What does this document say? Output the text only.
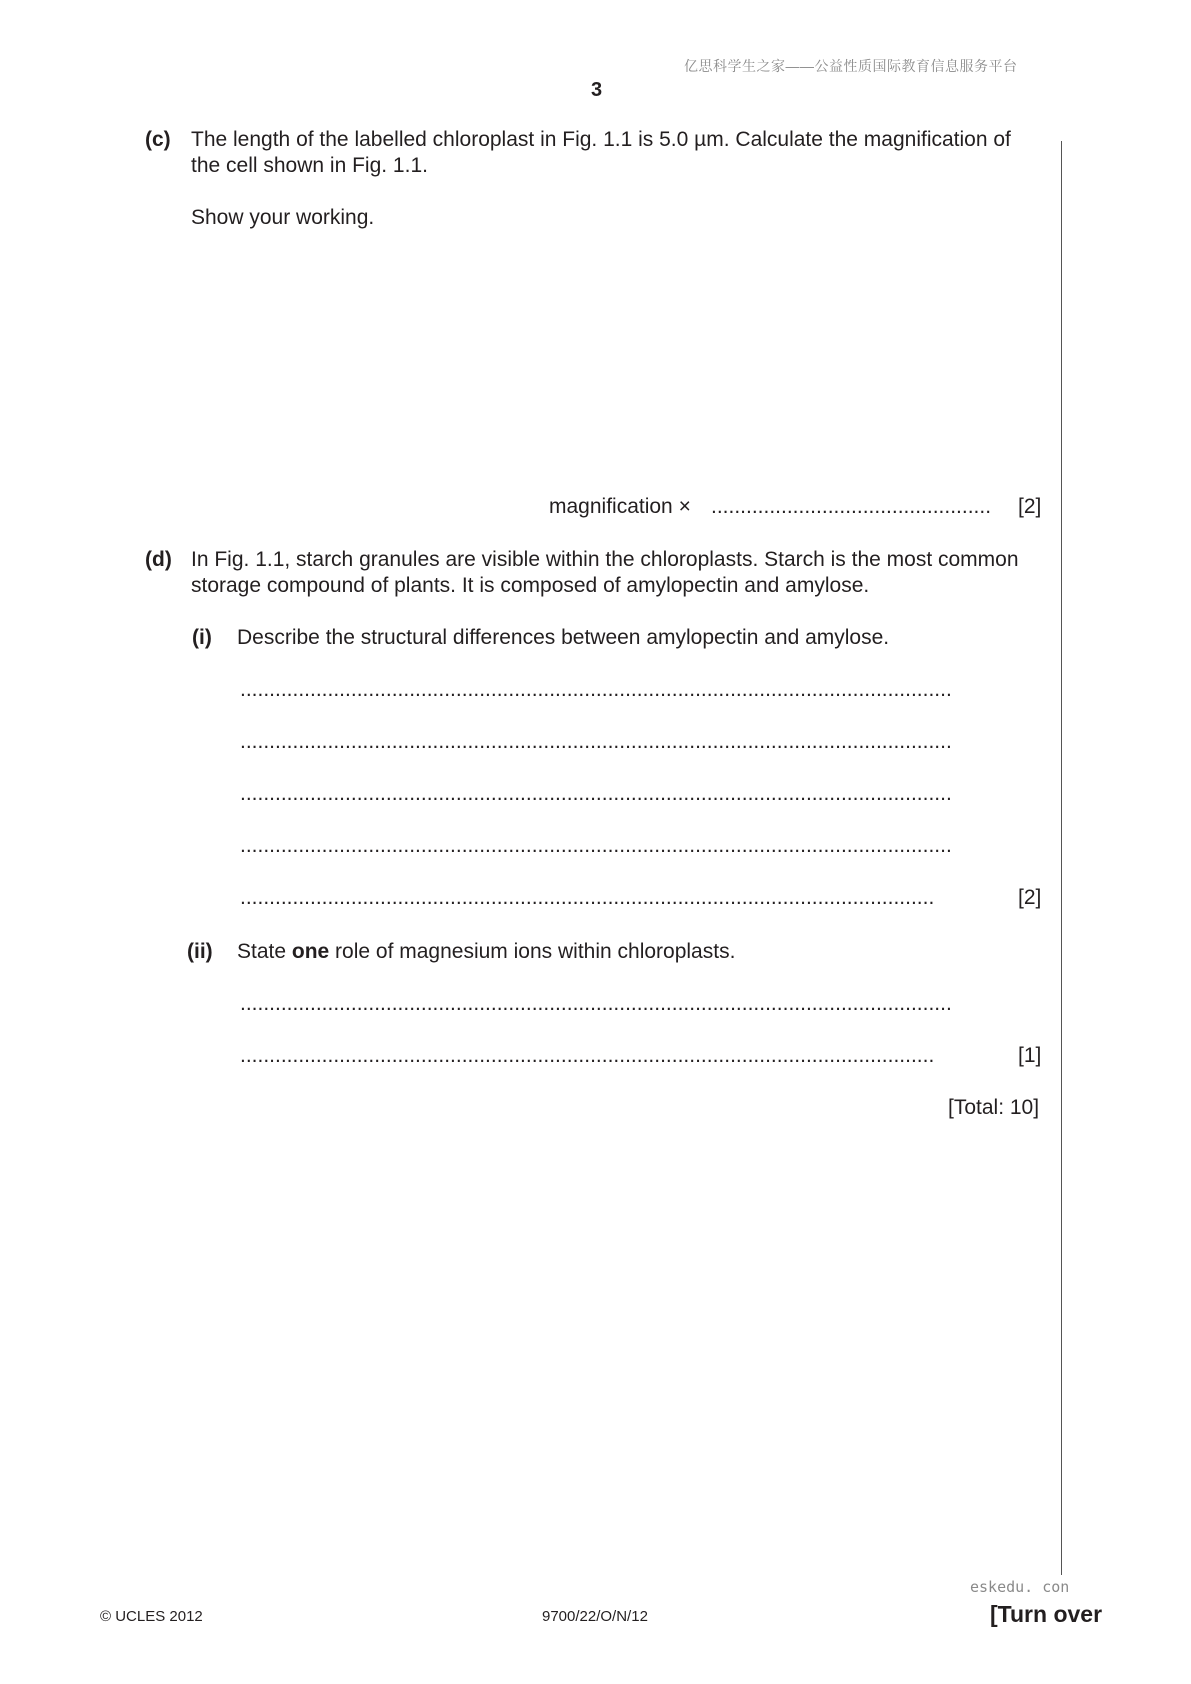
亿思科学生之家——公益性质国际教育信息服务平台
3
(c) The length of the labelled chloroplast in Fig. 1.1 is 5.0 µm. Calculate the magnification of
the cell shown in Fig. 1.1.
Show your working.
magnification × ................................................	[2]
(d) In Fig. 1.1, starch granules are visible within the chloroplasts. Starch is the most common
storage compound of plants. It is composed of amylopectin and amylose.
(i) Describe the structural differences between amylopectin and amylose.
..........................................................................................................................
..........................................................................................................................
..........................................................................................................................
..........................................................................................................................
.......................................................................................................................	[2]
(ii) State one role of magnesium ions within chloroplasts.
..........................................................................................................................
.......................................................................................................................	[1]
[Total: 10]
eskedu. con
© UCLES 2012	9700/22/O/N/12	[Turn over
